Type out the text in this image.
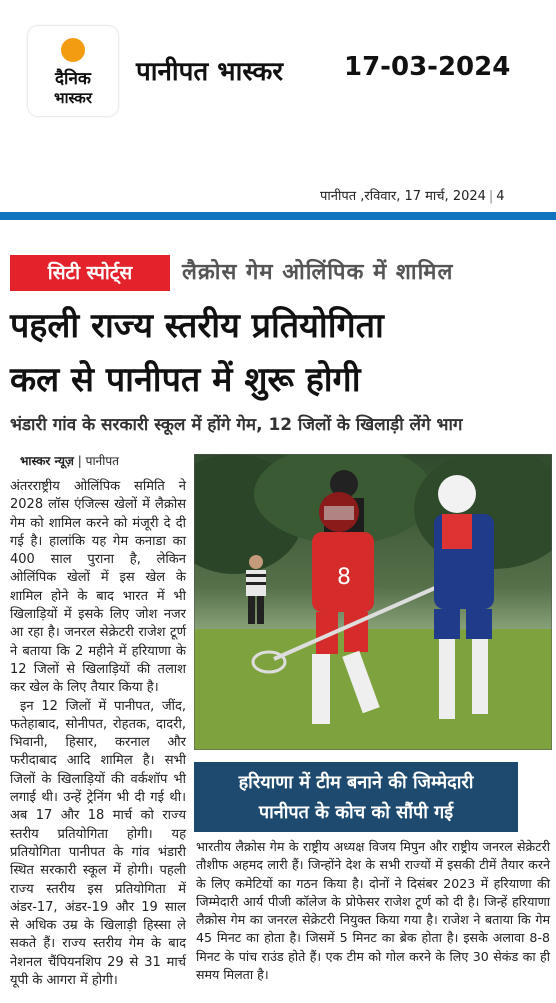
दैनिक
भास्कर
पानीपत भास्कर 17-03-2024
पानीपत ,रविवार, 17 मार्च, 2024 | 4
सिटी स्पोर्ट्स	लैक्रोस गेम ओलिंपिक में शामिल
पहली राज्य स्तरीय प्रतियोगिता
कल से पानीपत में शुरू होगी
भंडारी गांव के सरकारी स्कूल में होंगे गेम, 12 जिलों के खिलाड़ी लेंगे भाग
भास्कर न्यूज़ | पानीपत

अंतरराष्ट्रीय ओलिंपिक समिति ने 2028 लॉस एंजिल्स खेलों में लैक्रोस गेम को शामिल करने को मंजूरी दे दी गई है। हालांकि यह गेम कनाडा का 400 साल पुराना है, लेकिन ओलिंपिक खेलों में इस खेल के शामिल होने के बाद भारत में भी खिलाड़ियों में इसके लिए जोश नजर आ रहा है। जनरल सेक्रेटरी राजेश टूर्ण ने बताया कि 2 महीने में हरियाणा के 12 जिलों से खिलाड़ियों की तलाश कर खेल के लिए तैयार किया है।

इन 12 जिलों में पानीपत, जींद, फतेहाबाद, सोनीपत, रोहतक, दादरी, भिवानी, हिसार, करनाल और फरीदाबाद आदि शामिल है। सभी जिलों के खिलाड़ियों की वर्कशॉप भी लगाई थी। उन्हें ट्रेनिंग भी दी गई थी। अब 17 और 18 मार्च को राज्य स्तरीय प्रतियोगिता होगी। यह प्रतियोगिता पानीपत के गांव भंडारी स्थित सरकारी स्कूल में होगी। पहली राज्य स्तरीय इस प्रतियोगिता में अंडर-17, अंडर-19 और 19 साल से अधिक उम्र के खिलाड़ी हिस्सा ले सकते हैं। राज्य स्तरीय गेम के बाद नेशनल चैंपियनशिप 29 से 31 मार्च यूपी के आगरा में होगी।

8
हरियाणा में टीम बनाने की जिम्मेदारी
पानीपत के कोच को सौंपी गई

भारतीय लैक्रोस गेम के राष्ट्रीय अध्यक्ष विजय मिपुन और राष्ट्रीय जनरल सेक्रेटरी तौशीफ अहमद लारी हैं। जिन्होंने देश के सभी राज्यों में इसकी टीमें तैयार करने के लिए कमेटियों का गठन किया है। दोनों ने दिसंबर 2023 में हरियाणा की जिम्मेदारी आर्य पीजी कॉलेज के प्रोफेसर राजेश टूर्ण को दी है। जिन्हें हरियाणा लैक्रोस गेम का जनरल सेक्रेटरी नियुक्त किया गया है। राजेश ने बताया कि गेम 45 मिनट का होता है। जिसमें 5 मिनट का ब्रेक होता है। इसके अलावा 8-8 मिनट के पांच राउंड होते हैं। एक टीम को गोल करने के लिए 30 सेकंड का ही समय मिलता है।
